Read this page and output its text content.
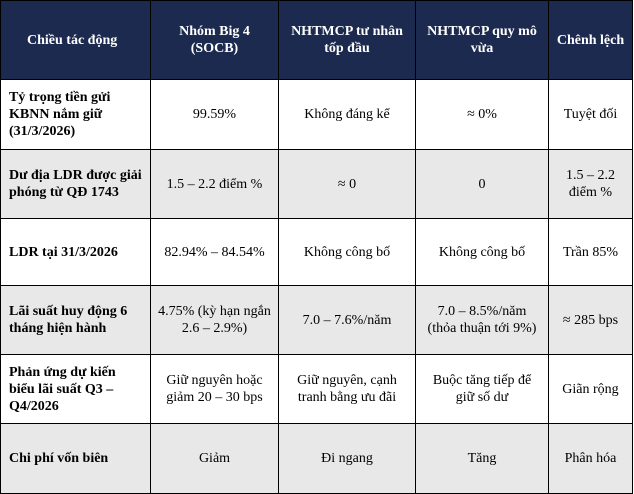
Chiều tác động	Nhóm Big 4 (SOCB)	NHTMCP tư nhân tốp đầu	NHTMCP quy mô vừa	Chênh lệch
Tỷ trọng tiền gửi KBNN nắm giữ (31/3/2026)	99.59%	Không đáng kể	≈ 0%	Tuyệt đối
Dư địa LDR được giải phóng từ QĐ 1743	1.5 – 2.2 điểm %	≈ 0	0	1.5 – 2.2 điểm %
LDR tại 31/3/2026	82.94% – 84.54%	Không công bố	Không công bố	Trần 85%
Lãi suất huy động 6 tháng hiện hành	4.75% (kỳ hạn ngắn 2.6 – 2.9%)	7.0 – 7.6%/năm	7.0 – 8.5%/năm (thỏa thuận tới 9%)	≈ 285 bps
Phản ứng dự kiến biểu lãi suất Q3 – Q4/2026	Giữ nguyên hoặc giảm 20 – 30 bps	Giữ nguyên, cạnh tranh bằng ưu đãi	Buộc tăng tiếp để giữ số dư	Giãn rộng
Chi phí vốn biên	Giảm	Đi ngang	Tăng	Phân hóa
